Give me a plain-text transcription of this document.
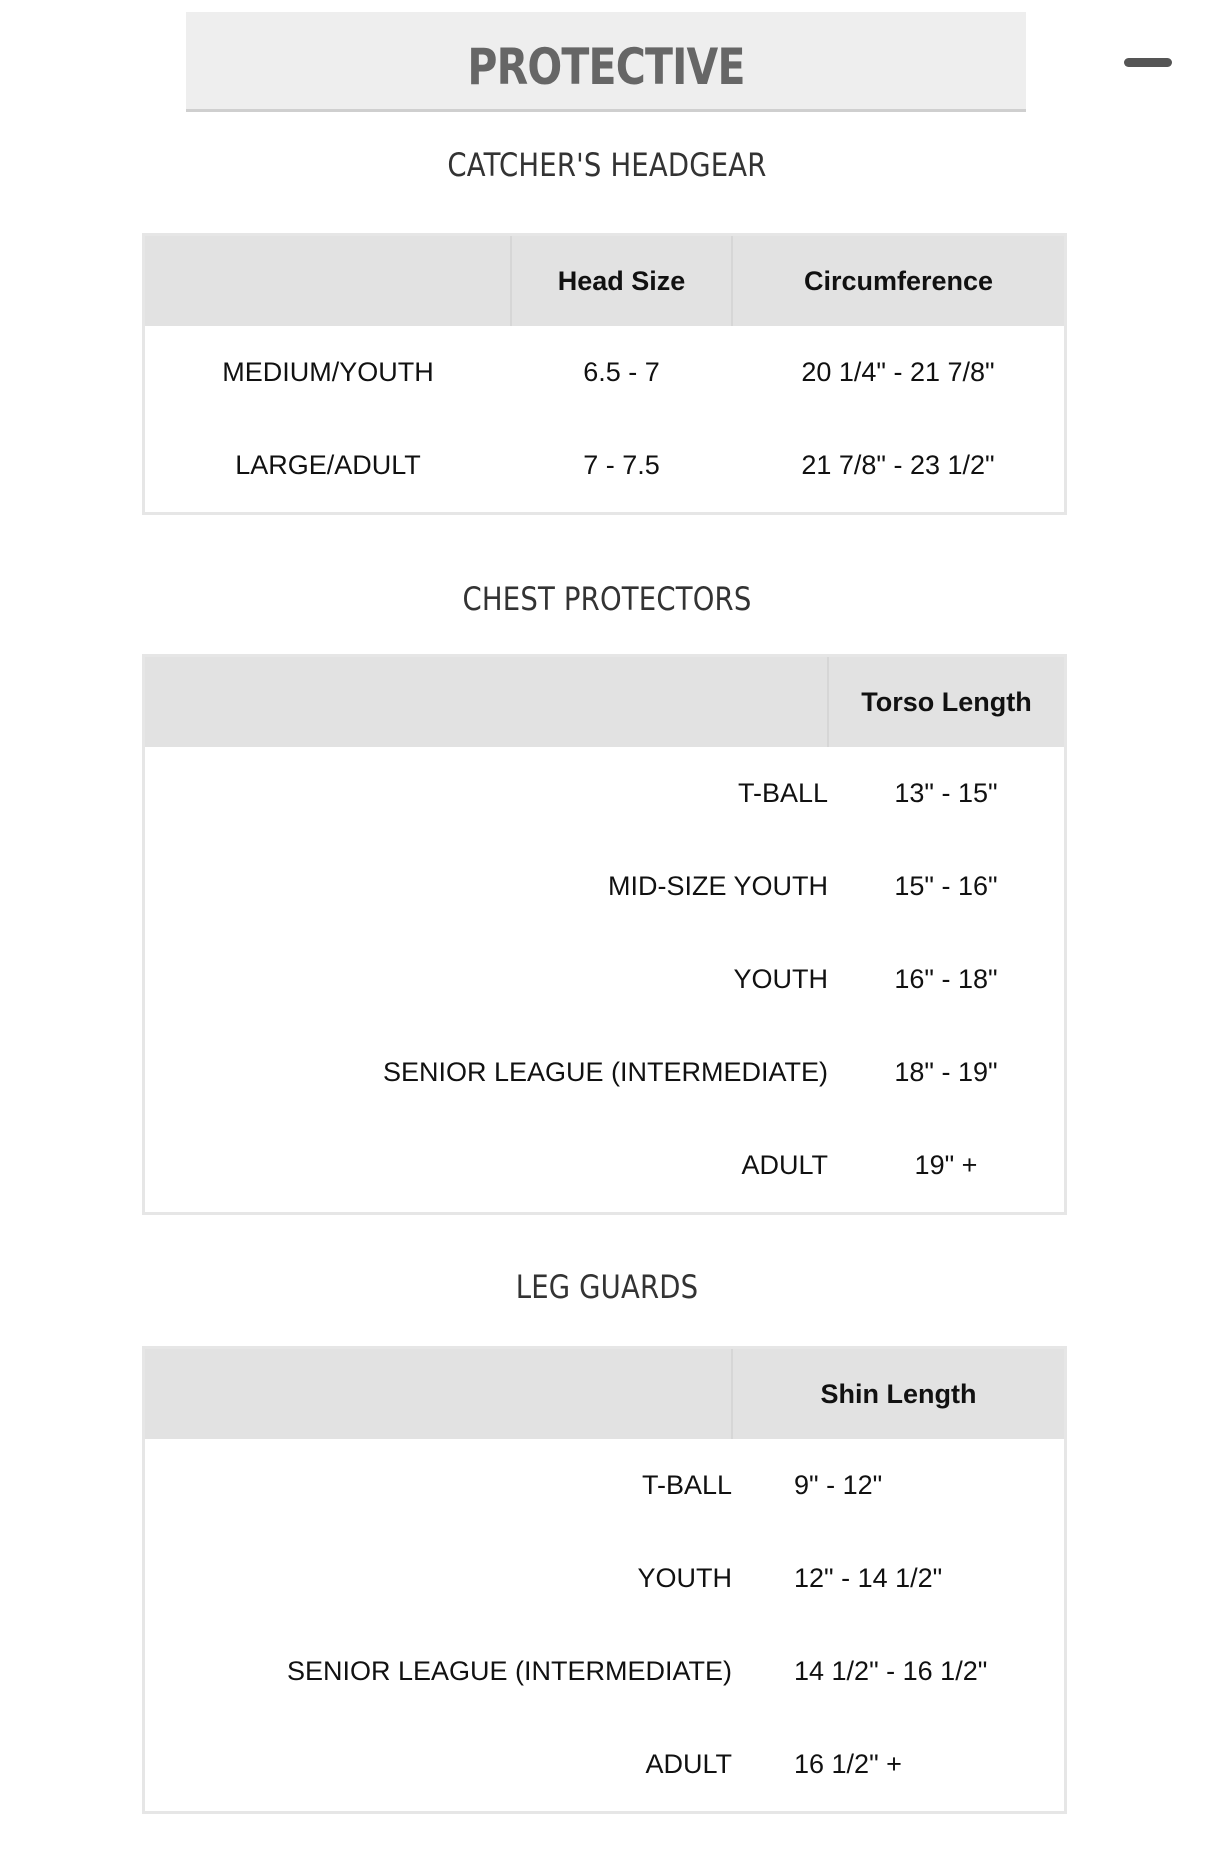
PROTECTIVE
CATCHER'S HEADGEAR
	Head Size	Circumference
MEDIUM/YOUTH	6.5 - 7	20 1/4" - 21 7/8"
LARGE/ADULT	7 - 7.5	21 7/8" - 23 1/2"
CHEST PROTECTORS
	Torso Length
T-BALL	13" - 15"
MID-SIZE YOUTH	15" - 16"
YOUTH	16" - 18"
SENIOR LEAGUE (INTERMEDIATE)	18" - 19"
ADULT	19" +
LEG GUARDS
	Shin Length
T-BALL	9" - 12"
YOUTH	12" - 14 1/2"
SENIOR LEAGUE (INTERMEDIATE)	14 1/2" - 16 1/2"
ADULT	16 1/2" +
